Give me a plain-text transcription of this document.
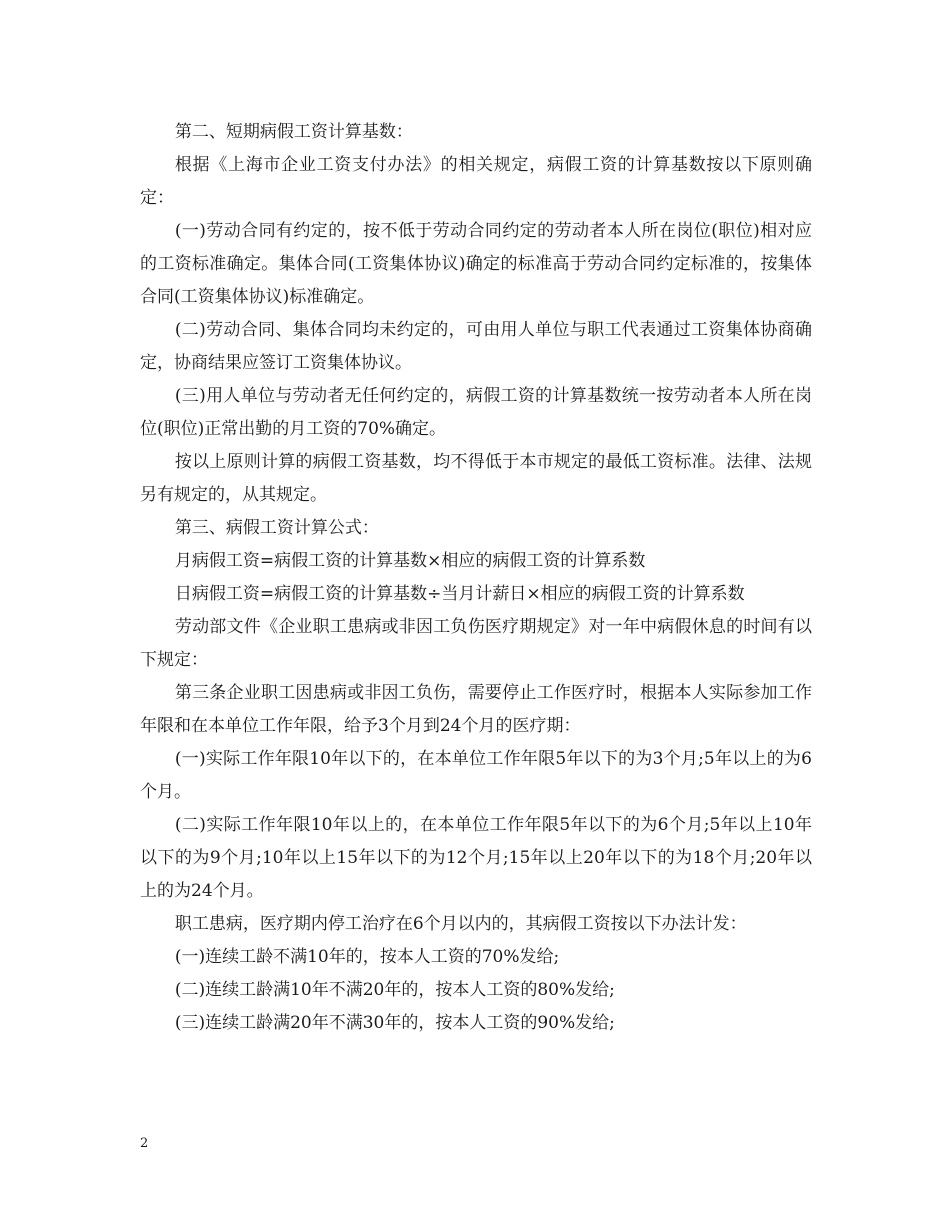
第二、短期病假工资计算基数：

根据《上海市企业工资支付办法》的相关规定，病假工资的计算基数按以下原则确定：

(一)劳动合同有约定的，按不低于劳动合同约定的劳动者本人所在岗位(职位)相对应的工资标准确定。集体合同(工资集体协议)确定的标准高于劳动合同约定标准的，按集体合同(工资集体协议)标准确定。

(二)劳动合同、集体合同均未约定的，可由用人单位与职工代表通过工资集体协商确定，协商结果应签订工资集体协议。

(三)用人单位与劳动者无任何约定的，病假工资的计算基数统一按劳动者本人所在岗位(职位)正常出勤的月工资的70%确定。

按以上原则计算的病假工资基数，均不得低于本市规定的最低工资标准。法律、法规另有规定的，从其规定。

第三、病假工资计算公式：

月病假工资=病假工资的计算基数×相应的病假工资的计算系数

日病假工资=病假工资的计算基数÷当月计薪日×相应的病假工资的计算系数

劳动部文件《企业职工患病或非因工负伤医疗期规定》对一年中病假休息的时间有以下规定：

第三条企业职工因患病或非因工负伤，需要停止工作医疗时，根据本人实际参加工作年限和在本单位工作年限，给予3个月到24个月的医疗期：

(一)实际工作年限10年以下的，在本单位工作年限5年以下的为3个月;5年以上的为6个月。

(二)实际工作年限10年以上的，在本单位工作年限5年以下的为6个月;5年以上10年以下的为9个月;10年以上15年以下的为12个月;15年以上20年以下的为18个月;20年以上的为24个月。

职工患病，医疗期内停工治疗在6个月以内的，其病假工资按以下办法计发：

(一)连续工龄不满10年的，按本人工资的70%发给;

(二)连续工龄满10年不满20年的，按本人工资的80%发给;

(三)连续工龄满20年不满30年的，按本人工资的90%发给;

2
